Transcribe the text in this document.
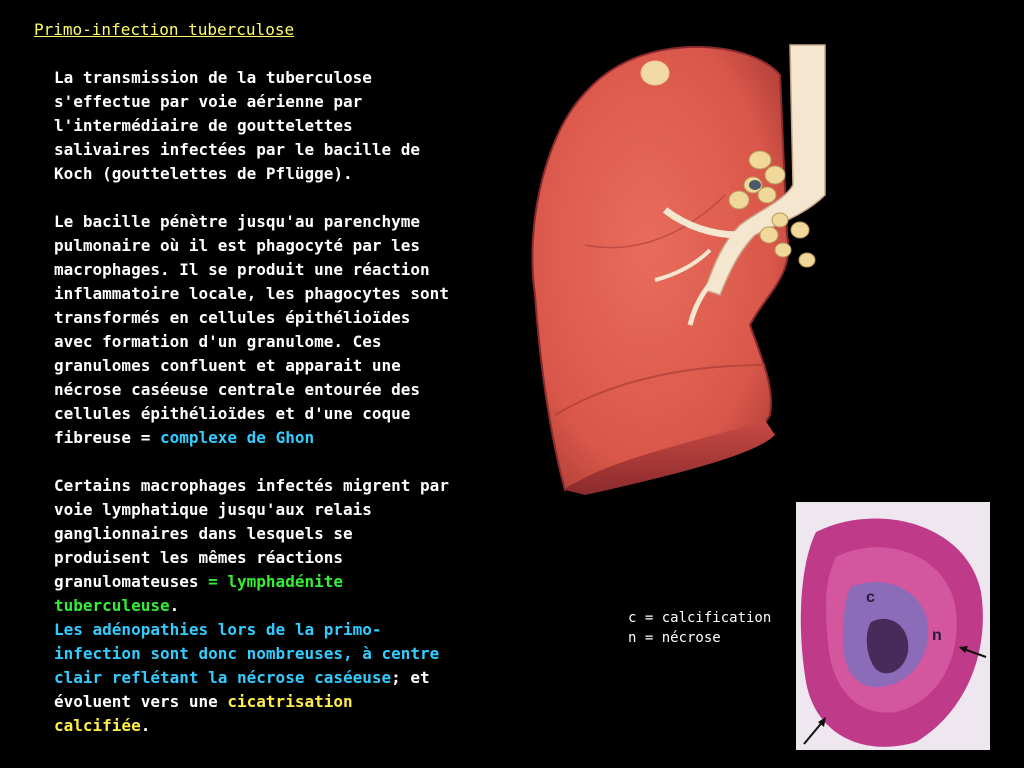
Primo-infection tuberculose

La transmission de la tuberculose s'effectue par voie aérienne par l'intermédiaire de gouttelettes salivaires infectées par le bacille de Koch (gouttelettes de Pflügge).

Le bacille pénètre jusqu'au parenchyme pulmonaire où il est phagocyté par les macrophages. Il se produit une réaction inflammatoire locale, les phagocytes sont transformés en cellules épithélioïdes avec formation d'un granulome. Ces granulomes confluent et apparait une nécrose caséeuse centrale entourée des cellules épithélioïdes et d'une coque fibreuse = complexe de Ghon

Certains macrophages infectés migrent par voie lymphatique jusqu'aux relais ganglionnaires dans lesquels se produisent les mêmes réactions granulomateuses = lymphadénite tuberculeuse.

Les adénopathies lors de la primo-infection sont donc nombreuses, à centre clair reflétant la nécrose caséeuse; et évoluent vers une cicatrisation calcifiée.

c
n
c = calcification
n = nécrose
